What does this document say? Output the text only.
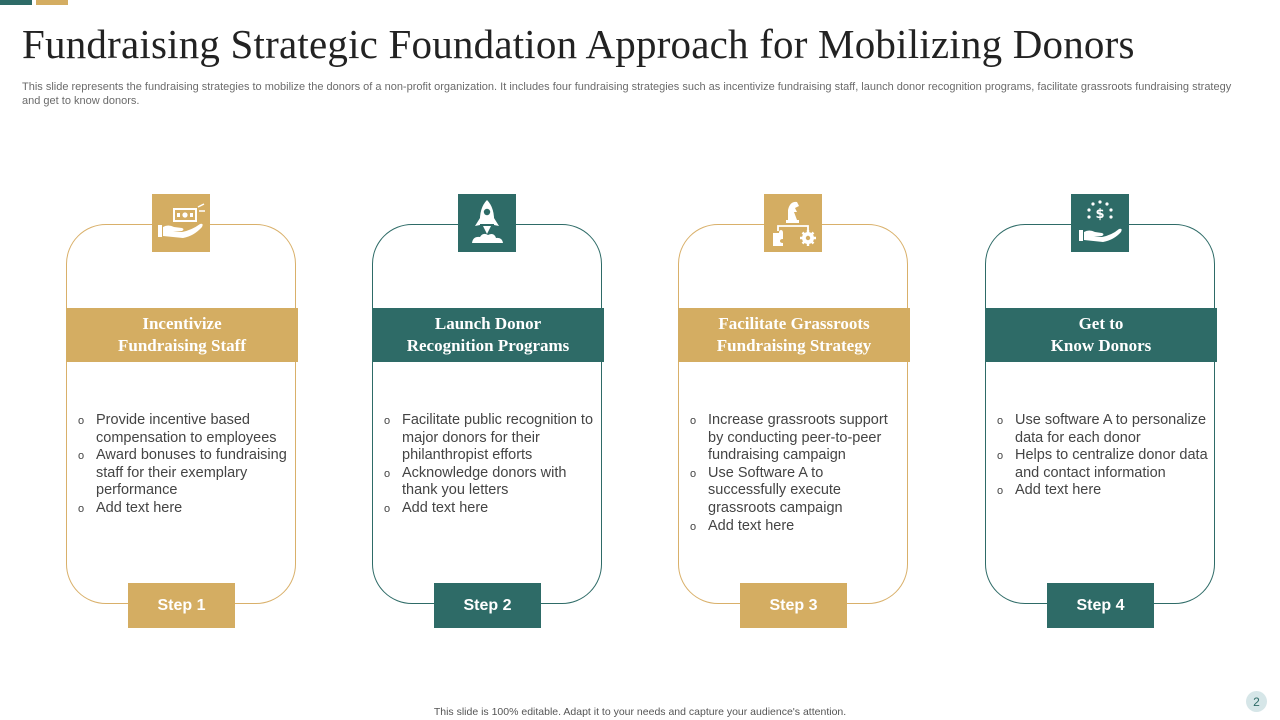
Fundraising Strategic Foundation Approach for Mobilizing Donors

This slide represents the fundraising strategies to mobilize the donors of a non-profit organization. It includes four fundraising strategies such as incentivize fundraising staff, launch donor recognition programs, facilitate grassroots fundraising strategy and get to know donors.

Incentivize
Fundraising Staff
o Provide incentive based compensation to employees
o Award bonuses to fundraising staff for their exemplary performance
o Add text here
Step 1
Launch Donor
Recognition Programs
o Facilitate public recognition to major donors for their philanthropist efforts
o Acknowledge donors with thank you letters
o Add text here
Step 2
Facilitate Grassroots
Fundraising Strategy
o Increase grassroots support by conducting peer-to-peer fundraising campaign
o Use Software A to successfully execute grassroots campaign
o Add text here
Step 3
$
Get to
Know Donors
o Use software A to personalize data for each donor
o Helps to centralize donor data and contact information
o Add text here
Step 4
This slide is 100% editable. Adapt it to your needs and capture your audience's attention.
2
